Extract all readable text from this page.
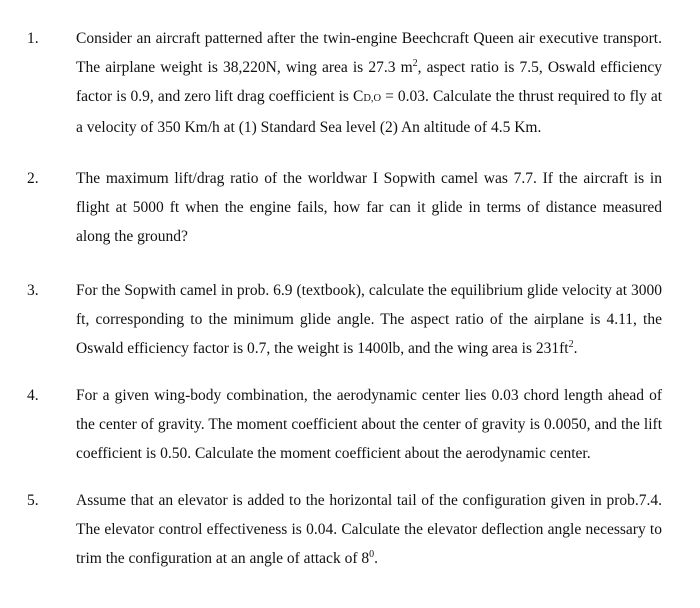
1. Consider an aircraft patterned after the twin-engine Beechcraft Queen air executive transport. The airplane weight is 38,220N, wing area is 27.3 $m^2$, aspect ratio is 7.5, Oswald efficiency factor is 0.9, and zero lift drag coefficient is CD,O = 0.03. Calculate the thrust required to fly at a velocity of 350 Km/h at (1) Standard Sea level (2) An altitude of 4.5 Km.
2. The maximum lift/drag ratio of the worldwar I Sopwith camel was 7.7. If the aircraft is in flight at 5000 ft when the engine fails, how far can it glide in terms of distance measured along the ground?
3. For the Sopwith camel in prob. 6.9 (textbook), calculate the equilibrium glide velocity at 3000 ft, corresponding to the minimum glide angle. The aspect ratio of the airplane is 4.11, the Oswald efficiency factor is 0.7, the weight is 1400lb, and the wing area is $231ft^2$.
4. For a given wing-body combination, the aerodynamic center lies 0.03 chord length ahead of the center of gravity. The moment coefficient about the center of gravity is 0.0050, and the lift coefficient is 0.50. Calculate the moment coefficient about the aerodynamic center.
5. Assume that an elevator is added to the horizontal tail of the configuration given in prob.7.4. The elevator control effectiveness is 0.04. Calculate the elevator deflection angle necessary to trim the configuration at an angle of attack of $8^0$.
